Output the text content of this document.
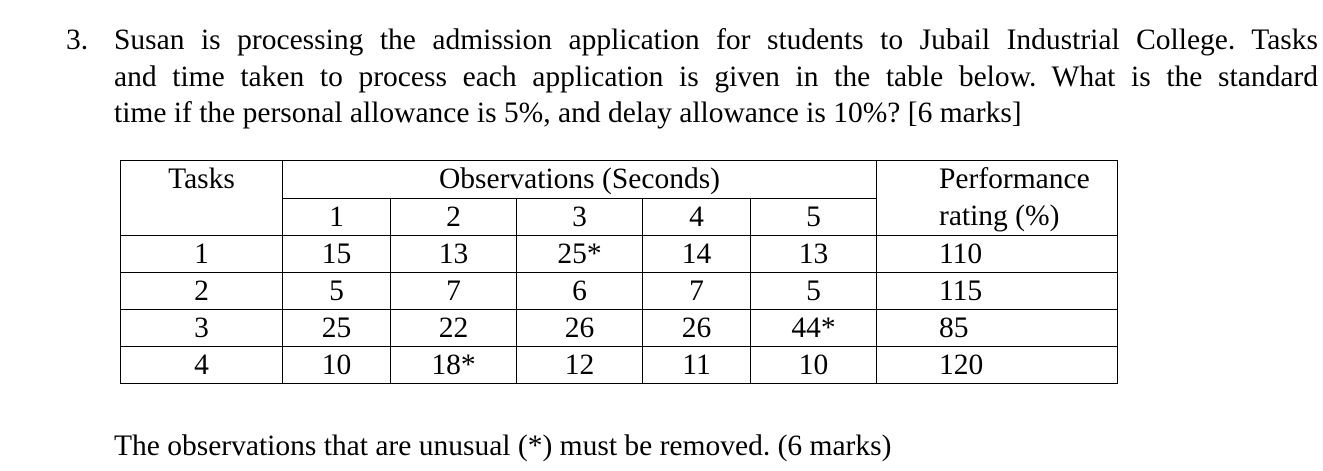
3. Susan is processing the admission application for students to Jubail Industrial College. Tasks
and time taken to process each application is given in the table below. What is the standard
time if the personal allowance is 5%, and delay allowance is 10%? [6 marks]
Tasks	Observations (Seconds)					Performance
rating (%)
	1	2	3	4	5	
1	15	13	25*	14	13	110
2	5	7	6	7	5	115
3	25	22	26	26	44*	85
4	10	18*	12	11	10	120
The observations that are unusual (*) must be removed. (6 marks)
